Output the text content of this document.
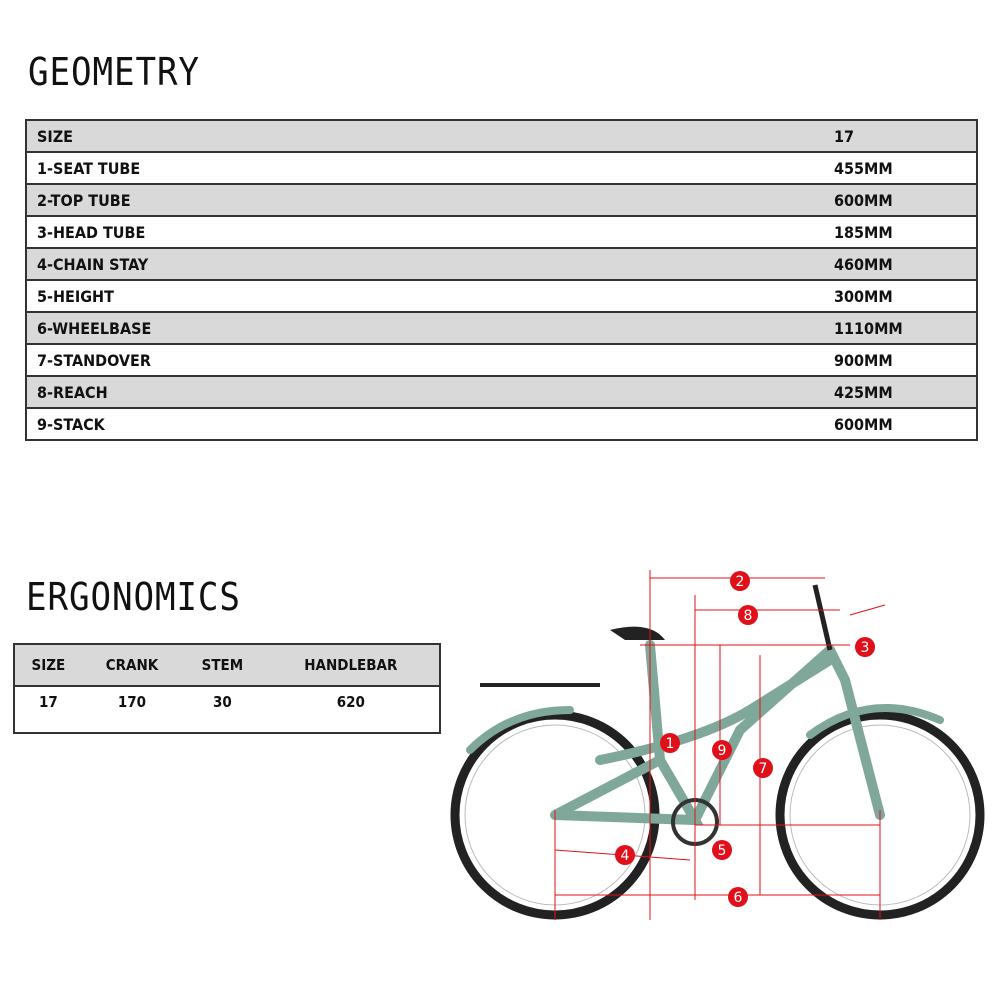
GEOMETRY
SIZE	17
1-SEAT TUBE	455MM
2-TOP TUBE	600MM
3-HEAD TUBE	185MM
4-CHAIN STAY	460MM
5-HEIGHT	300MM
6-WHEELBASE	1110MM
7-STANDOVER	900MM
8-REACH	425MM
9-STACK	600MM
ERGONOMICS
SIZE	CRANK	STEM	HANDLEBAR
17	170	30	620
1
2
3
4	5
6
7
8
9
